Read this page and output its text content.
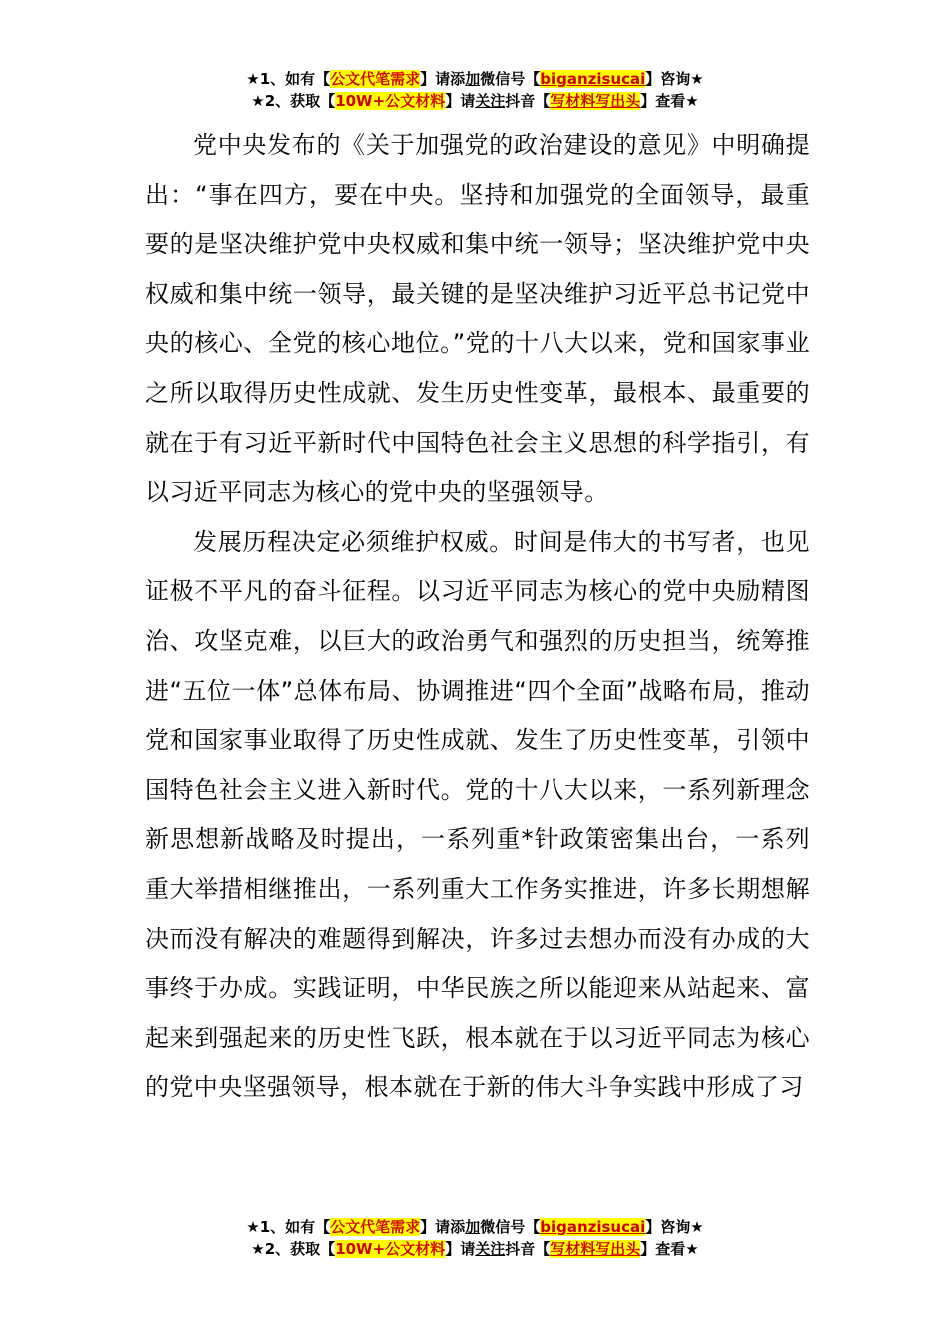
★1、如有【公文代笔需求】请添加微信号【biganzisucai】咨询★
★2、获取【10W+公文材料】请关注抖音【写材料写出头】查看★

党中央发布的《关于加强党的政治建设的意见》中明确提出：“事在四方，要在中央。坚持和加强党的全面领导，最重要的是坚决维护党中央权威和集中统一领导；坚决维护党中央权威和集中统一领导，最关键的是坚决维护习近平总书记党中央的核心、全党的核心地位。”党的十八大以来，党和国家事业之所以取得历史性成就、发生历史性变革，最根本、最重要的就在于有习近平新时代中国特色社会主义思想的科学指引，有以习近平同志为核心的党中央的坚强领导。

发展历程决定必须维护权威。时间是伟大的书写者，也见证极不平凡的奋斗征程。以习近平同志为核心的党中央励精图治、攻坚克难，以巨大的政治勇气和强烈的历史担当，统筹推进“五位一体”总体布局、协调推进“四个全面”战略布局，推动党和国家事业取得了历史性成就、发生了历史性变革，引领中国特色社会主义进入新时代。党的十八大以来，一系列新理念新思想新战略及时提出，一系列重*针政策密集出台，一系列重大举措相继推出，一系列重大工作务实推进，许多长期想解决而没有解决的难题得到解决，许多过去想办而没有办成的大事终于办成。实践证明，中华民族之所以能迎来从站起来、富起来到强起来的历史性飞跃，根本就在于以习近平同志为核心的党中央坚强领导，根本就在于新的伟大斗争实践中形成了习

★1、如有【公文代笔需求】请添加微信号【biganzisucai】咨询★
★2、获取【10W+公文材料】请关注抖音【写材料写出头】查看★
